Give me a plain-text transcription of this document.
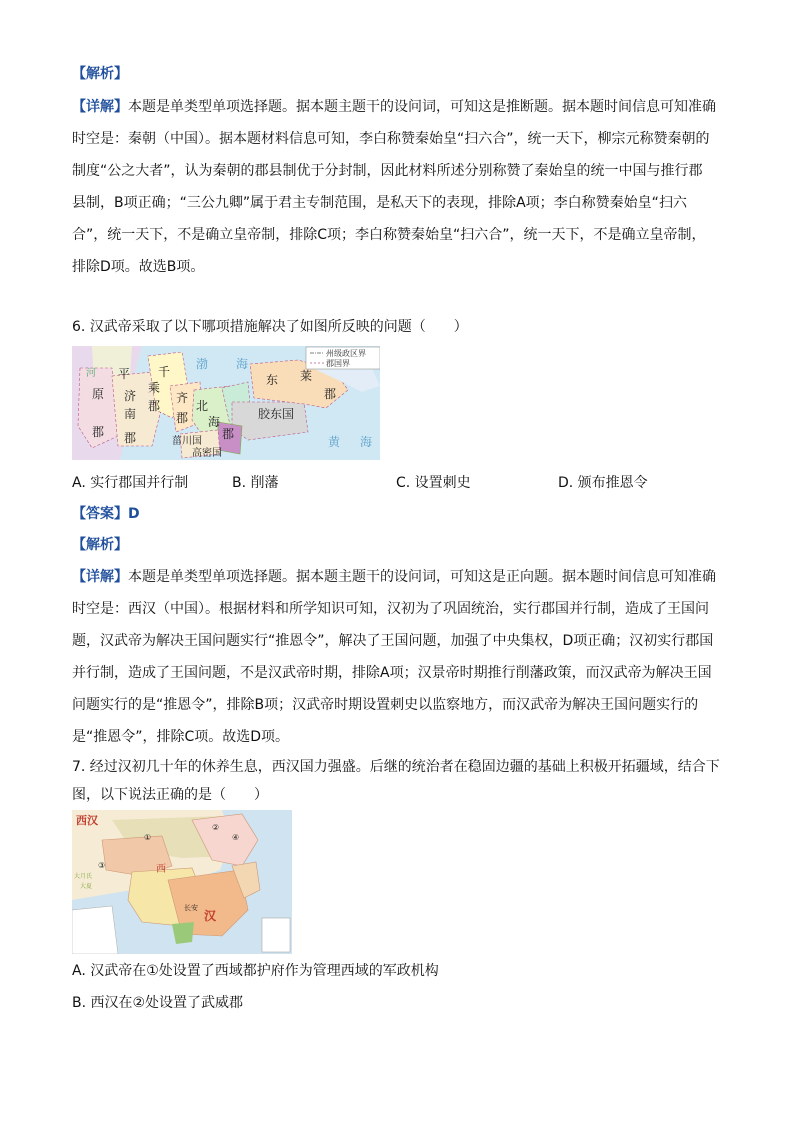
【解析】
【详解】本题是单类型单项选择题。据本题主题干的设问词，可知这是推断题。据本题时间信息可知准确
时空是：秦朝（中国）。据本题材料信息可知，李白称赞秦始皇“扫六合”，统一天下，柳宗元称赞秦朝的
制度“公之大者”，认为秦朝的郡县制优于分封制，因此材料所述分别称赞了秦始皇的统一中国与推行郡
县制，B项正确；“三公九卿”属于君主专制范围，是私天下的表现，排除A项；李白称赞秦始皇“扫六
合”，统一天下，不是确立皇帝制，排除C项；李白称赞秦始皇“扫六合”，统一天下，不是确立皇帝制，
排除D项。故选B项。
6. 汉武帝采取了以下哪项措施解决了如图所反映的问题（　　）
州级政区界
郡国界
河 平
原
郡
济
南
郡
千
乘
郡
齐
郡
北
海
郡
渤 海
东 莱
郡
胶东国
菑川国
高密国
黄 海
A. 实行郡国并行制	B. 削藩	C. 设置刺史	D. 颁布推恩令
【答案】D
【解析】
【详解】本题是单类型单项选择题。据本题主题干的设问词，可知这是正向题。据本题时间信息可知准确
时空是：西汉（中国）。根据材料和所学知识可知，汉初为了巩固统治，实行郡国并行制，造成了王国问
题，汉武帝为解决王国问题实行“推恩令”，解决了王国问题，加强了中央集权，D项正确；汉初实行郡国
并行制，造成了王国问题，不是汉武帝时期，排除A项；汉景帝时期推行削藩政策，而汉武帝为解决王国
问题实行的是“推恩令”，排除B项；汉武帝时期设置刺史以监察地方，而汉武帝为解决王国问题实行的
是“推恩令”，排除C项。故选D项。
7. 经过汉初几十年的休养生息，西汉国力强盛。后继的统治者在稳固边疆的基础上积极开拓疆域，结合下
图，以下说法正确的是（　　）
西汉
①
②
③
④
西
长安
汉
大月氏
大夏
A. 汉武帝在①处设置了西域都护府作为管理西域的军政机构
B. 西汉在②处设置了武威郡
